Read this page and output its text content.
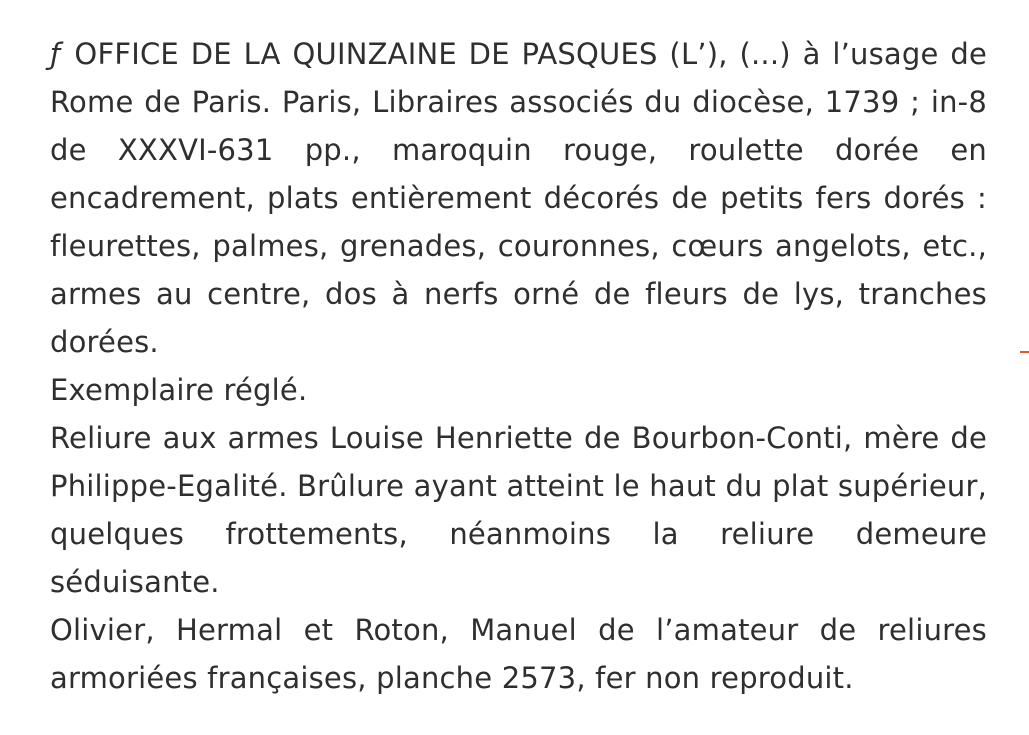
ƒ OFFICE DE LA QUINZAINE DE PASQUES (L’), (...) à l’usage de Rome de Paris. Paris, Libraires associés du diocèse, 1739 ; in-8 de XXXVI-631 pp., maroquin rouge, roulette dorée en encadrement, plats entièrement décorés de petits fers dorés : fleurettes, palmes, grenades, couronnes, cœurs angelots, etc., armes au centre, dos à nerfs orné de fleurs de lys, tranches dorées.

Exemplaire réglé.

Reliure aux armes Louise Henriette de Bourbon-Conti, mère de Philippe-Egalité. Brûlure ayant atteint le haut du plat supérieur, quelques frottements, néanmoins la reliure demeure séduisante.

Olivier, Hermal et Roton, Manuel de l’amateur de reliures armoriées françaises, planche 2573, fer non reproduit.
